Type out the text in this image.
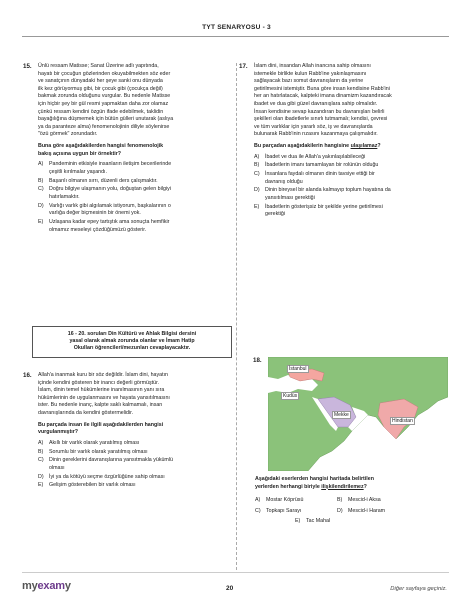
TYT SENARYOSU - 3
15. Ünlü ressam Matisse; Sanat Üzerine adlı yapıtında,

hayatı bir çocuğun gözlerinden okuyabilmekten söz eder

ve sanatçının dünyadaki her şeye sanki onu dünyada

ilk kez görüyormuş gibi, bir çocuk gibi (çocukça değil)

bakmak zorunda olduğunu vurgular. Bu nedenle Matisse

için hiçbir şey bir gül resmi yapmaktan daha zor olamaz

çünkü ressam kendini özgün ifade edebilmek, taklidin

bayağılığına düşmemek için bütün gülleri unutarak (aslıya

ya da paranteze alma) fenomenolojinin diliyle söylenirse

"özü görmek" zorundadır.

Buna göre aşağıdakilerden hangisi fenomenolojik
bakış açısına uygun bir örnektir?
A)	Pandeminin etkisiyle insanların iletişim becerilerinde
çeşitli kırılmalar yaşandı.
B)	Başarılı olmanın sırrı, düzenli ders çalışmaktır.
C)	Doğru bilgiye ulaşmanın yolu, doğuştan gelen bilgiyi
hatırlamaktır.
D)	Varlığı varlık gibi algılamak istiyorum, başkalarının o
varlığa değer biçmesinin bir önemi yok.
E)	Uzlaşana kadar epey tartıştık ama sonuçta hemfikir
olmamız meseleyi çözdüğümüzü gösterir.
16 - 20. soruları Din Kültürü ve Ahlak Bilgisi dersini
yasal olarak almak zorunda olanlar ve İmam Hatip
Okulları öğrencileri/mezunları cevaplayacaktır.
16. Allah'a inanmak kuru bir söz değildir. İslam dini, hayatın

içinde kendini gösteren bir inancı değerli görmüştür.

İslam, dinin temel hükümlerine inanılmasının yanı sıra

hükümlerinin de uygulanmasını ve hayata yansıtılmasını

ister. Bu nedenle inanç, kalpte saklı kalmamalı, insan

davranışlarında da kendini göstermelidir.

Bu parçada insan ile ilgili aşağıdakilerden hangisi
vurgulanmıştır?
A)	Akıllı bir varlık olarak yaratılmış olması
B)	Sorumlu bir varlık olarak yaratılmış olması
C)	Dinin gereklerini davranışlarına yansıtmakla yükümlü
olması
D)	İyi ya da kötüyü seçme özgürlüğüne sahip olması
E)	Gelişim gösterebilen bir varlık olması
17. İslam dini, insandan Allah inancına sahip olmasını

istemekle birlikte kulun Rabb'ine yakınlaşmasını

sağlayacak bazı somut davranışların da yerine

getirilmesini istemiştir. Buna göre insan kendisine Rabb'ini

her an hatırlatacak, kalpteki imana dinamizm kazandıracak

ibadet ve dua gibi güzel davranışlara sahip olmalıdır.

İnsan kendisine sevap kazandıran bu davranışları belirli

şekilleri olan ibadetlerle sınırlı tutmamalı; kendisi, çevresi

ve tüm varlıklar için yararlı söz, iş ve davranışlarda

bulunarak Rabb'inin rızasını kazanmaya çalışmalıdır.

Bu parçadan aşağıdakilerin hangisine ulaşılamaz?
A)	İbadet ve dua ile Allah'a yakınlaşılabileceği
B)	İbadetlerin imanı tamamlayan bir rolünün olduğu
C)	İnsanlara faydalı olmanın dinin tavsiye ettiği bir
davranış olduğu
D)	Dinin bireysel bir alanda kalmayıp toplum hayatına da
yansıtılması gerektiği
E)	İbadetlerin gösterişsiz bir şekilde yerine getirilmesi
gerektiği
18.
İstanbul
Kudüs
Mekke
Hindistan
Aşağıdaki eserlerden hangisi haritada belirtilen
yerlerden herhangi biriyle ilişkilendirilemez?
A)	Mostar Köprüsü	B)	Mescid-i Aksa
C)	Topkapı Sarayı	D)	Mescid-i Haram
E)	Tac Mahal
myexamy	20	Diğer sayfaya geçiniz.
